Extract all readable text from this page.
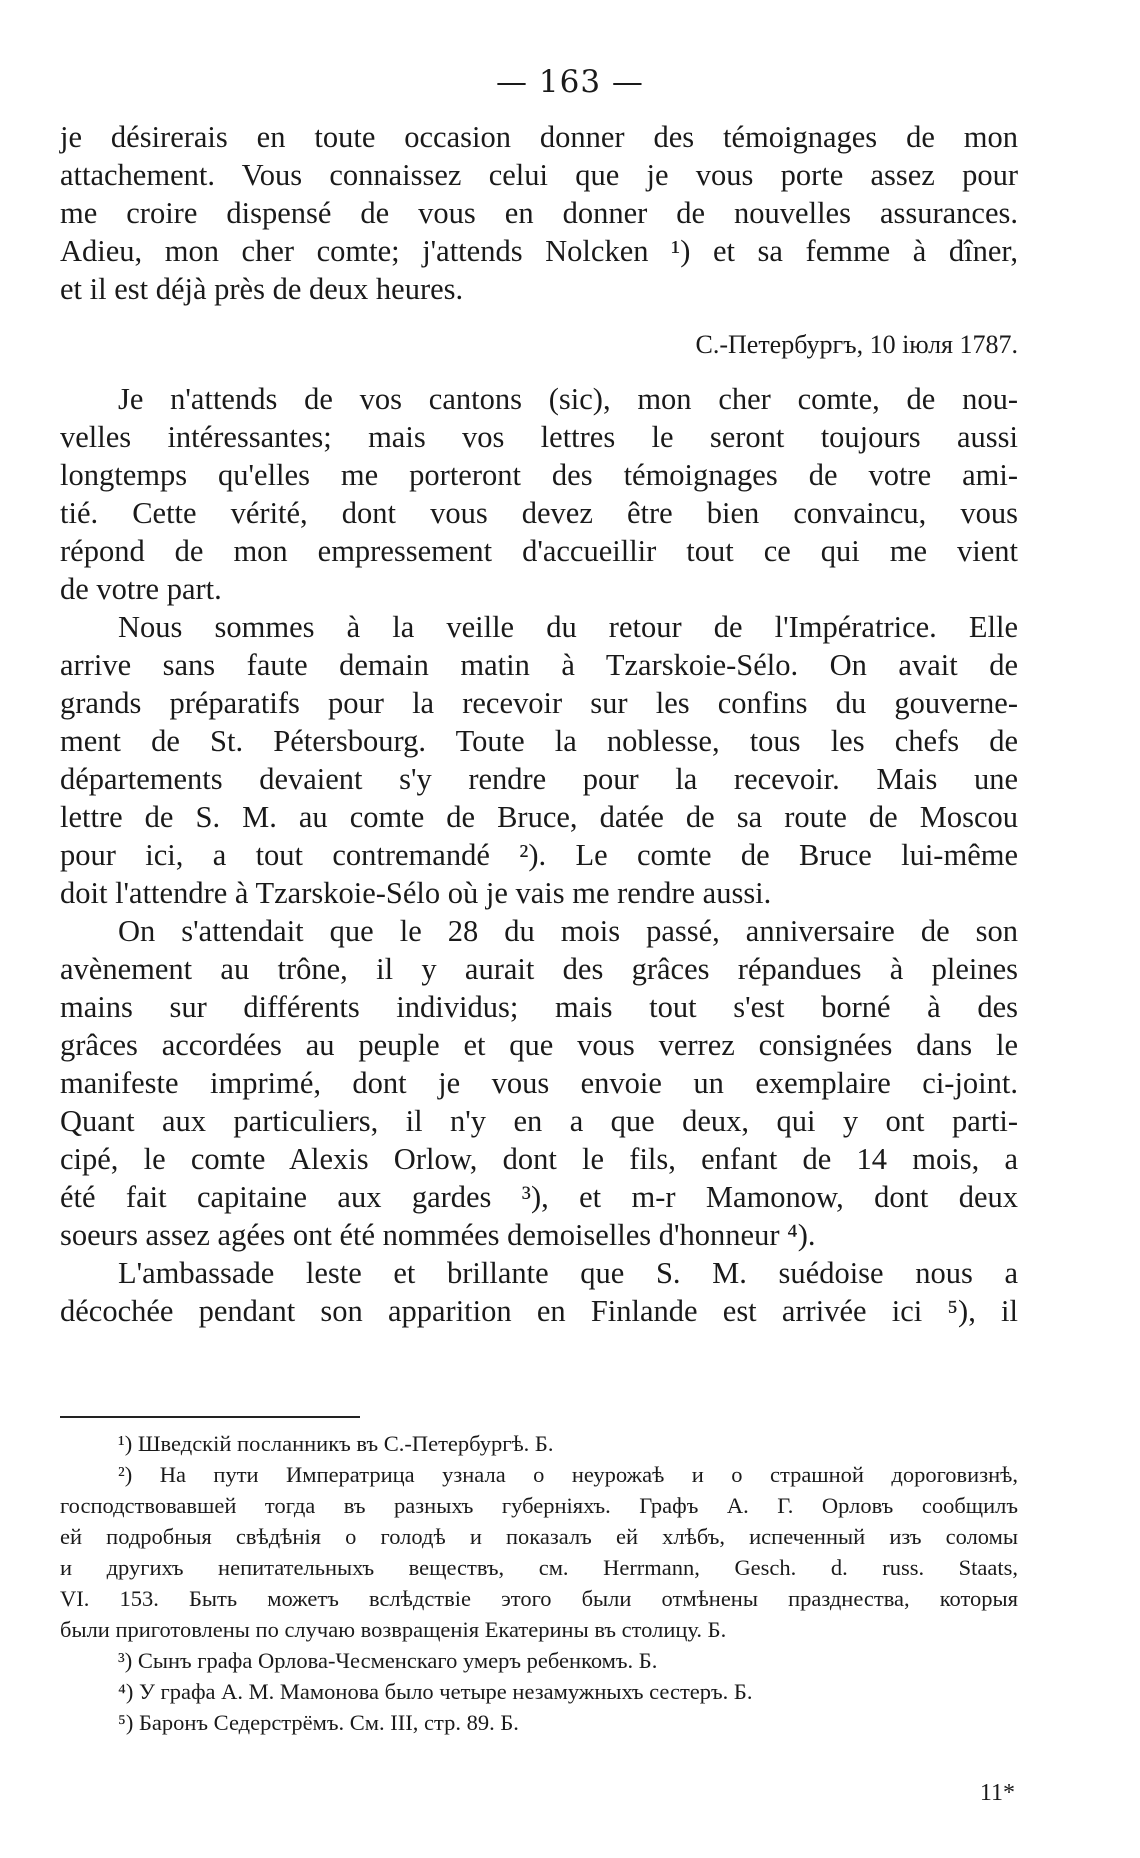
— 163 —
je désirerais en toute occasion donner des témoignages de mon
attachement. Vous connaissez celui que je vous porte assez pour
me croire dispensé de vous en donner de nouvelles assurances.
Adieu, mon cher comte; j'attends Nolcken ¹) et sa femme à dîner,
et il est déjà près de deux heures.
С.-Петербургъ, 10 іюля 1787.
Je n'attends de vos cantons (sic), mon cher comte, de nou-
velles intéressantes; mais vos lettres le seront toujours aussi
longtemps qu'elles me porteront des témoignages de votre ami-
tié. Cette vérité, dont vous devez être bien convaincu, vous
répond de mon empressement d'accueillir tout ce qui me vient
de votre part.
Nous sommes à la veille du retour de l'Impératrice. Elle
arrive sans faute demain matin à Tzarskoie-Sélo. On avait de
grands préparatifs pour la recevoir sur les confins du gouverne-
ment de St. Pétersbourg. Toute la noblesse, tous les chefs de
départements devaient s'y rendre pour la recevoir. Mais une
lettre de S. M. au comte de Bruce, datée de sa route de Moscou
pour ici, a tout contremandé ²). Le comte de Bruce lui-même
doit l'attendre à Tzarskoie-Sélo où je vais me rendre aussi.
On s'attendait que le 28 du mois passé, anniversaire de son
avènement au trône, il y aurait des grâces répandues à pleines
mains sur différents individus; mais tout s'est borné à des
grâces accordées au peuple et que vous verrez consignées dans le
manifeste imprimé, dont je vous envoie un exemplaire ci-joint.
Quant aux particuliers, il n'y en a que deux, qui y ont parti-
cipé, le comte Alexis Orlow, dont le fils, enfant de 14 mois, a
été fait capitaine aux gardes ³), et m-r Mamonow, dont deux
soeurs assez agées ont été nommées demoiselles d'honneur ⁴).
L'ambassade leste et brillante que S. M. suédoise nous a
décochée pendant son apparition en Finlande est arrivée ici ⁵), il
¹) Шведскій посланникъ въ С.-Петербургѣ. Б.
²) На пути Императрица узнала о неурожаѣ и о страшной дороговизнѣ,
господствовавшей тогда въ разныхъ губерніяхъ. Графъ А. Г. Орловъ сообщилъ
ей подробныя свѣдѣнія о голодѣ и показалъ ей хлѣбъ, испеченный изъ соломы
и другихъ непитательныхъ веществъ, см. Herrmann, Gesch. d. russ. Staats,
VI. 153. Быть можетъ вслѣдствіе этого были отмѣнены празднества, которыя
были приготовлены по случаю возвращенія Екатерины въ столицу. Б.
³) Сынъ графа Орлова-Чесменскаго умеръ ребенкомъ. Б.
⁴) У графа А. М. Мамонова было четыре незамужныхъ сестеръ. Б.
⁵) Баронъ Седерстрёмъ. См. III, стр. 89. Б.
11*
